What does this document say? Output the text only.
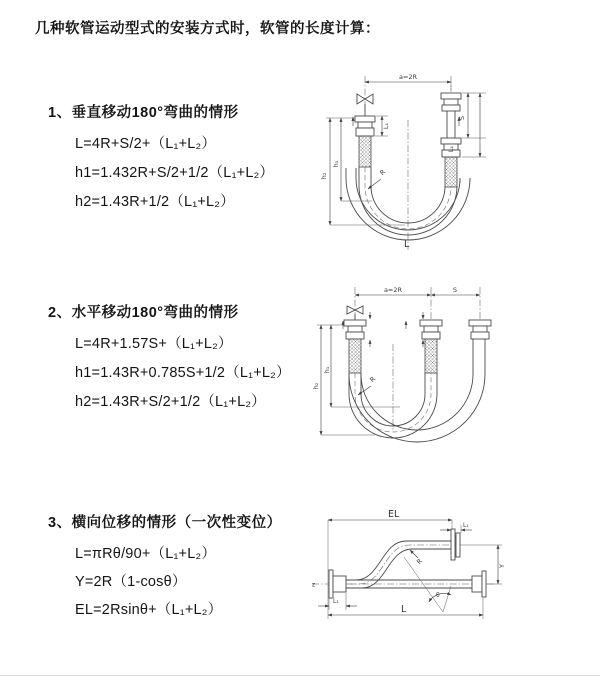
几种软管运动型式的安装方式时，软管的长度计算：
1、垂直移动180°弯曲的情形
L=4R+S/2+（L₁+L₂）
h1=1.432R+S/2+1/2（L₁+L₂）
h2=1.43R+1/2（L₁+L₂）
2、水平移动180°弯曲的情形
L=4R+1.57S+（L₁+L₂）
h1=1.43R+0.785S+1/2（L₁+L₂）
h2=1.43R+S/2+1/2（L₁+L₂）
3、横向位移的情形（一次性变位）
L=πRθ/90+（L₁+L₂）
Y=2R（1-cosθ）
EL=2Rsinθ+（L₁+L₂）
a=2R
S
L₁
L₁
h₁
h₂	R
L
a=2R	S
h₁
h₂
R
z
θ
R
EL
L₁
Y
L
L₁
